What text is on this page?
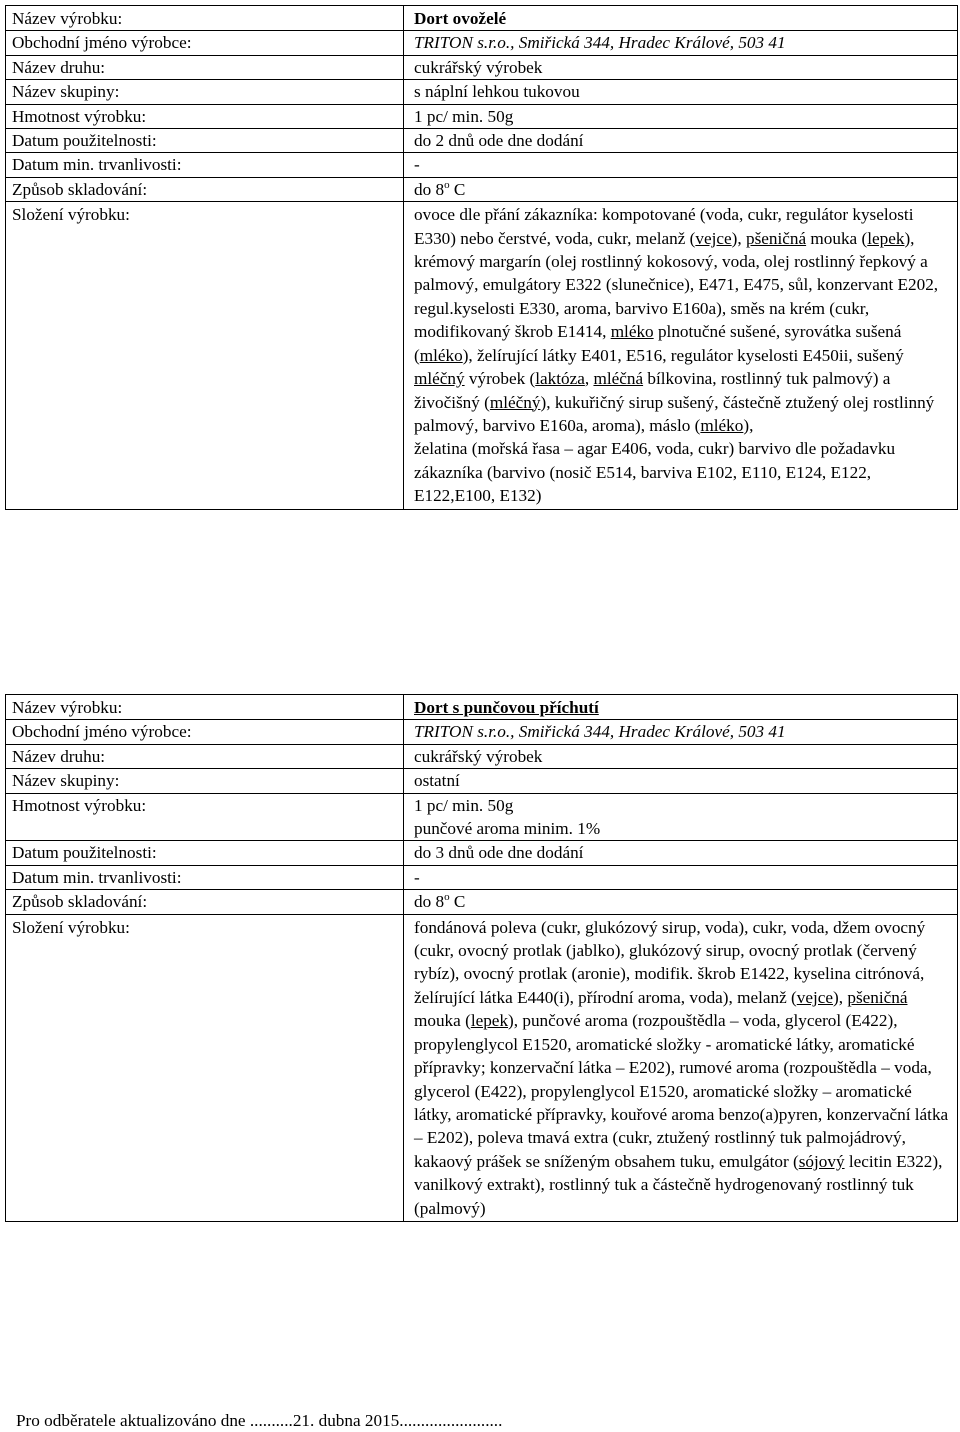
Název výrobku:	Dort ovoželé
Obchodní jméno výrobce:	TRITON s.r.o., Smiřická 344, Hradec Králové, 503 41
Název druhu:	cukrářský výrobek
Název skupiny:	s náplní lehkou tukovou
Hmotnost výrobku:	1 pc/ min. 50g
Datum použitelnosti:	do 2 dnů ode dne dodání
Datum min. trvanlivosti:	-
Způsob skladování:	do 8$^o$ C
Složení výrobku:	ovoce dle přání zákazníka: kompotované (voda, cukr, regulátor kyselosti E330) nebo čerstvé, voda, cukr, melanž (vejce), pšeničná mouka (lepek), krémový margarín (olej rostlinný kokosový, voda, olej rostlinný řepkový a palmový, emulgátory E322 (slunečnice), E471, E475, sůl, konzervant E202, regul.kyselosti E330, aroma, barvivo E160a), směs na krém (cukr, modifikovaný škrob E1414, mléko plnotučné sušené, syrovátka sušená (mléko), želírující látky E401, E516, regulátor kyselosti E450ii, sušený mléčný výrobek (laktóza, mléčná bílkovina, rostlinný tuk palmový) a živočišný (mléčný), kukuřičný sirup sušený, částečně ztužený olej rostlinný palmový, barvivo E160a, aroma), máslo (mléko),
želatina (mořská řasa – agar E406, voda, cukr) barvivo dle požadavku zákazníka (barvivo (nosič E514, barviva E102, E110, E124, E122, E122,E100, E132)
Název výrobku:	Dort s punčovou příchutí
Obchodní jméno výrobce:	TRITON s.r.o., Smiřická 344, Hradec Králové, 503 41
Název druhu:	cukrářský výrobek
Název skupiny:	ostatní
Hmotnost výrobku:	1 pc/ min. 50g
punčové aroma minim. 1%
Datum použitelnosti:	do 3 dnů ode dne dodání
Datum min. trvanlivosti:	-
Způsob skladování:	do 8$^o$ C
Složení výrobku:	fondánová poleva (cukr, glukózový sirup, voda), cukr, voda, džem ovocný (cukr, ovocný protlak (jablko), glukózový sirup, ovocný protlak (červený rybíz), ovocný protlak (aronie), modifik. škrob E1422, kyselina citrónová, želírující látka E440(i), přírodní aroma, voda), melanž (vejce), pšeničná mouka (lepek), punčové aroma (rozpouštědla – voda, glycerol (E422), propylenglycol E1520, aromatické složky - aromatické látky, aromatické přípravky; konzervační látka – E202), rumové aroma (rozpouštědla – voda, glycerol (E422), propylenglycol E1520, aromatické složky – aromatické látky, aromatické přípravky, kouřové aroma benzo(a)pyren, konzervační látka – E202), poleva tmavá extra (cukr, ztužený rostlinný tuk palmojádrový, kakaový prášek se sníženým obsahem tuku, emulgátor (sójový lecitin E322), vanilkový extrakt), rostlinný tuk a částečně hydrogenovaný rostlinný tuk (palmový)
Pro odběratele aktualizováno dne ..........21. dubna 2015........................
